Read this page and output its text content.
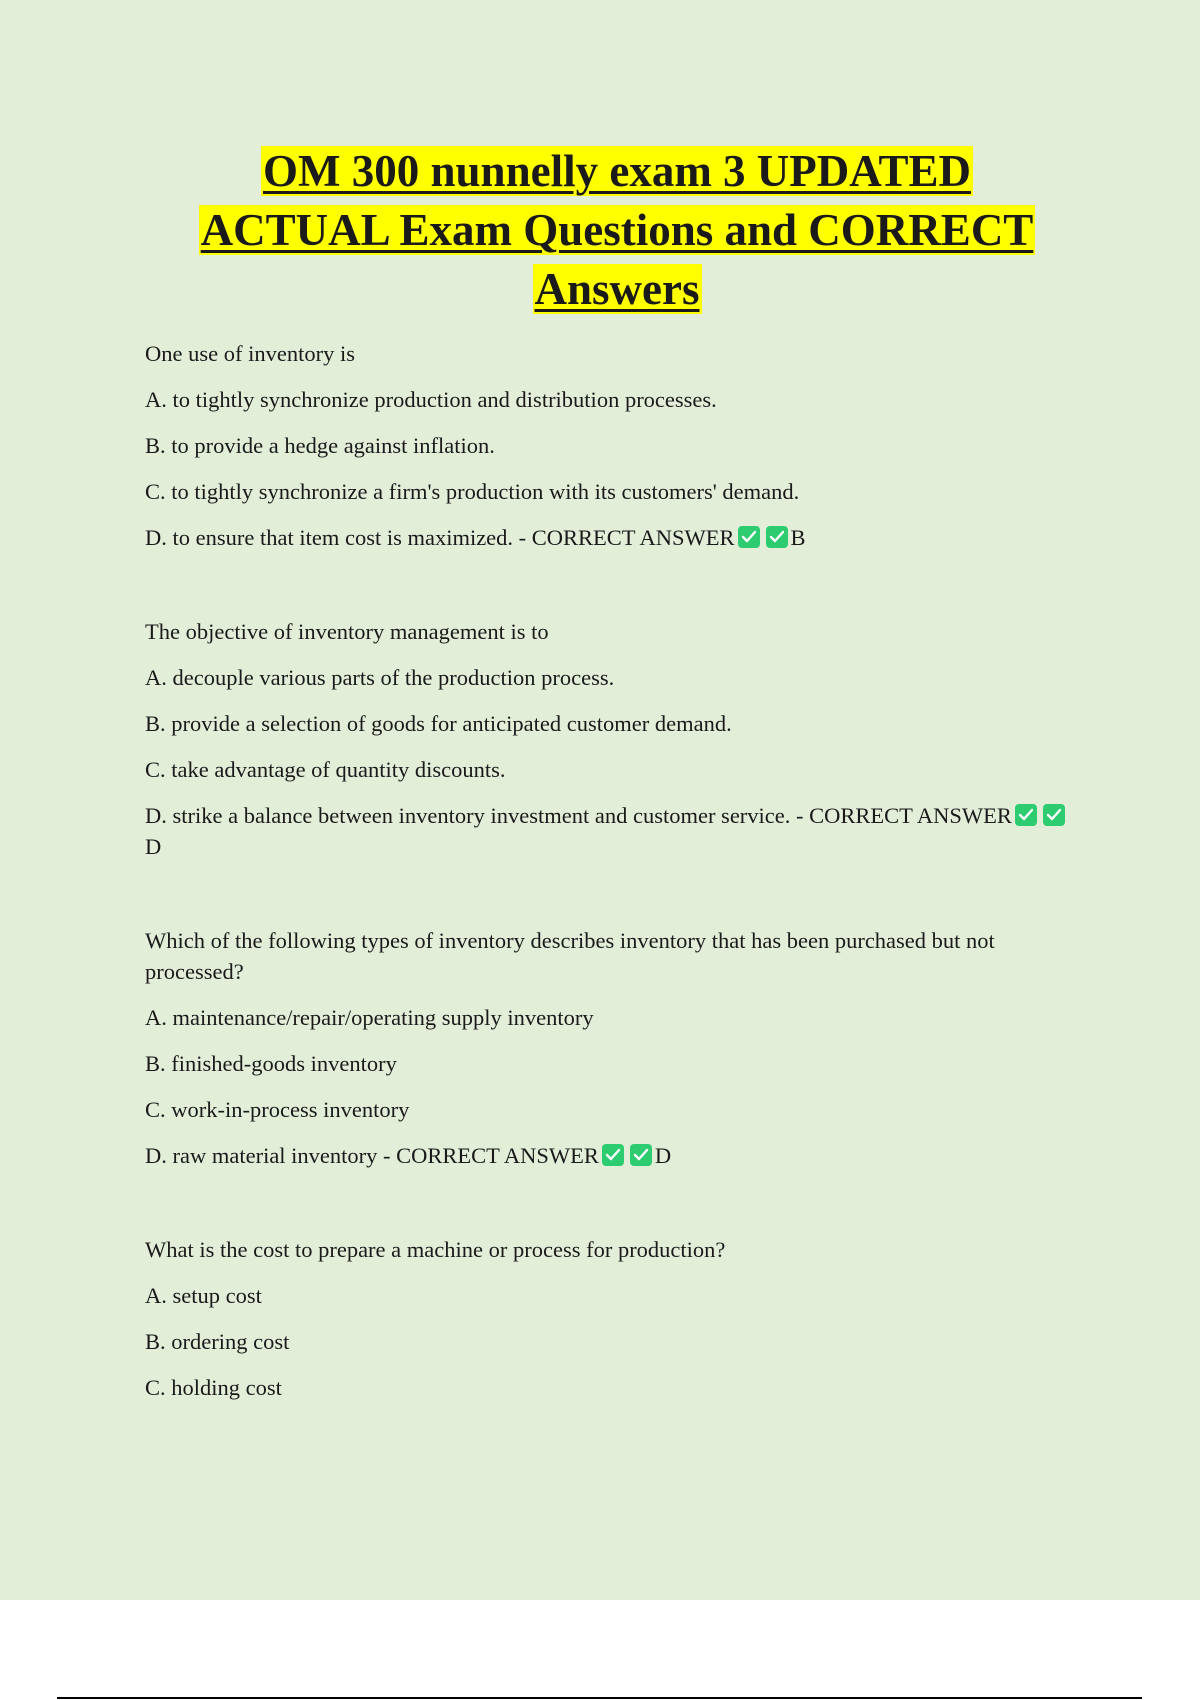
OM 300 nunnelly exam 3 UPDATED
ACTUAL Exam Questions and CORRECT
Answers

One use of inventory is

A. to tightly synchronize production and distribution processes.

B. to provide a hedge against inflation.

C. to tightly synchronize a firm's production with its customers' demand.

D. to ensure that item cost is maximized. - CORRECT ANSWER B

The objective of inventory management is to

A. decouple various parts of the production process.

B. provide a selection of goods for anticipated customer demand.

C. take advantage of quantity discounts.

D. strike a balance between inventory investment and customer service. - CORRECT ANSWER
D

Which of the following types of inventory describes inventory that has been purchased but not processed?

A. maintenance/repair/operating supply inventory

B. finished-goods inventory

C. work-in-process inventory

D. raw material inventory - CORRECT ANSWER D

What is the cost to prepare a machine or process for production?

A. setup cost

B. ordering cost

C. holding cost
